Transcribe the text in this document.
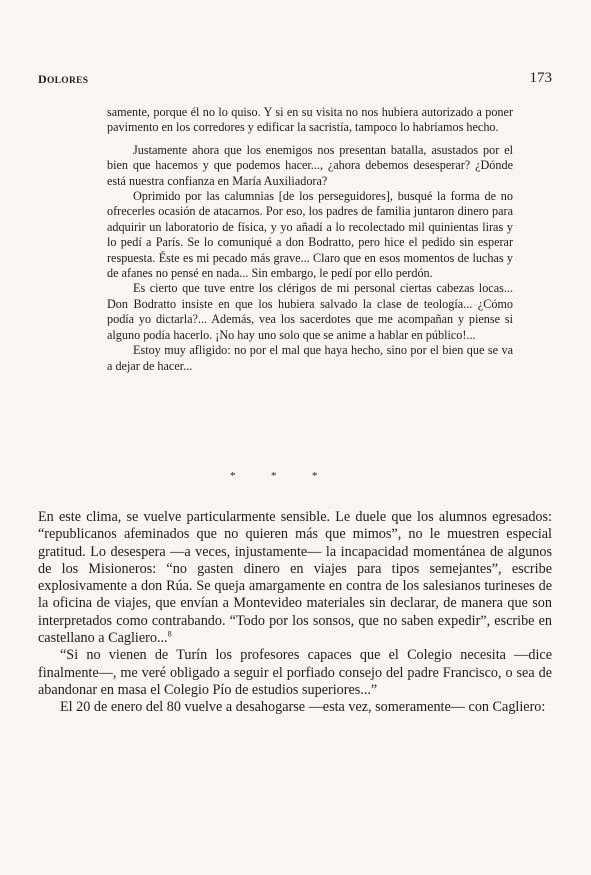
DOLORES	173

samente, porque él no lo quiso. Y si en su visita no nos hubiera autorizado a poner pavimento en los corredores y edificar la sacristía, tampoco lo habríamos hecho.

Justamente ahora que los enemigos nos presentan batalla, asustados por el bien que hacemos y que podemos hacer..., ¿ahora debemos desesperar? ¿Dónde está nuestra confianza en María Auxiliadora?

Oprimido por las calumnias [de los perseguidores], busqué la forma de no ofrecerles ocasión de atacarnos. Por eso, los padres de familia juntaron dinero para adquirir un laboratorio de física, y yo añadí a lo recolectado mil quinientas liras y lo pedí a París. Se lo comuniqué a don Bodratto, pero hice el pedido sin esperar respuesta. Éste es mi pecado más grave... Claro que en esos momentos de luchas y de afanes no pensé en nada... Sin embargo, le pedí por ello perdón.

Es cierto que tuve entre los clérigos de mi personal ciertas cabezas locas... Don Bodratto insiste en que los hubiera salvado la clase de teología... ¿Cómo podía yo dictarla?... Además, vea los sacerdotes que me acompañan y piense si alguno podía hacerlo. ¡No hay uno solo que se anime a hablar en público!...

Estoy muy afligido: no por el mal que haya hecho, sino por el bien que se va a dejar de hacer...

*	*	*

En este clima, se vuelve particularmente sensible. Le duele que los alumnos egresados: “republicanos afeminados que no quieren más que mimos”, no le muestren especial gratitud. Lo desespera —a veces, injustamente— la incapacidad momentánea de algunos de los Misioneros: “no gasten dinero en viajes para tipos semejantes”, escribe explosivamente a don Rúa. Se queja amargamente en contra de los salesianos turineses de la oficina de viajes, que envían a Montevideo materiales sin declarar, de manera que son interpretados como contrabando. “Todo por los sonsos, que no saben expedir”, escribe en castellano a Cagliero...$^8$

“Si no vienen de Turín los profesores capaces que el Colegio necesita —dice finalmente—, me veré obligado a seguir el porfiado consejo del padre Francisco, o sea de abandonar en masa el Colegio Pío de estudios superiores...”

El 20 de enero del 80 vuelve a desahogarse —esta vez, someramente— con Cagliero:
